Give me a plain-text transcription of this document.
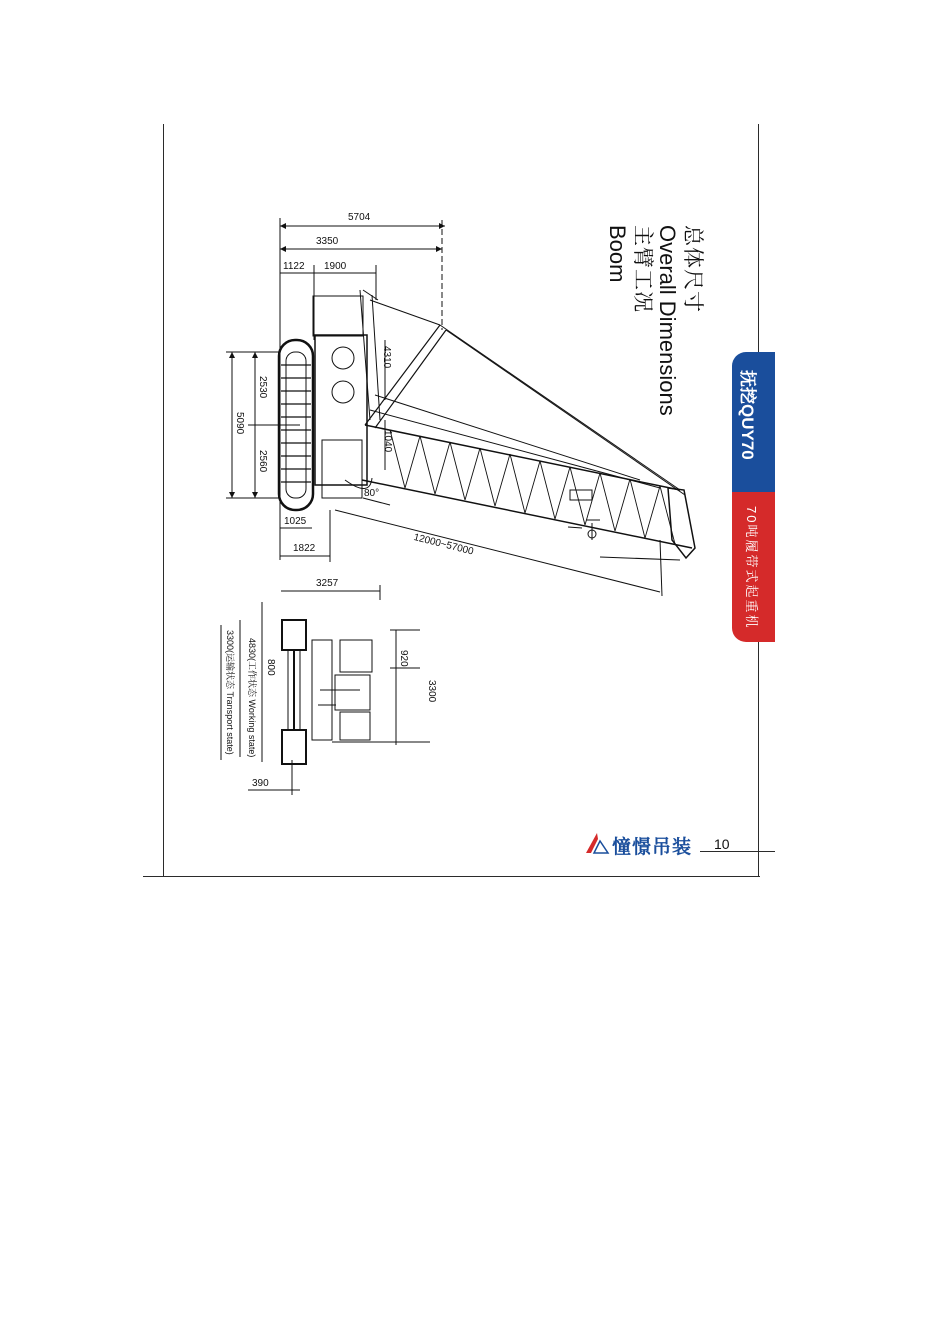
5704
3350
1122 1900
4310
2530
5090
2560
1040
80°
1025
1822	12000~57000
3257
920
3300
800
4830(工作状态 Working state)
3300(运输状态 Transport state)
390
总体尺寸
Overall Dimensions
主臂工况
Boom
抚挖QUY70
70吨履带式起重机
憧憬吊装 10
